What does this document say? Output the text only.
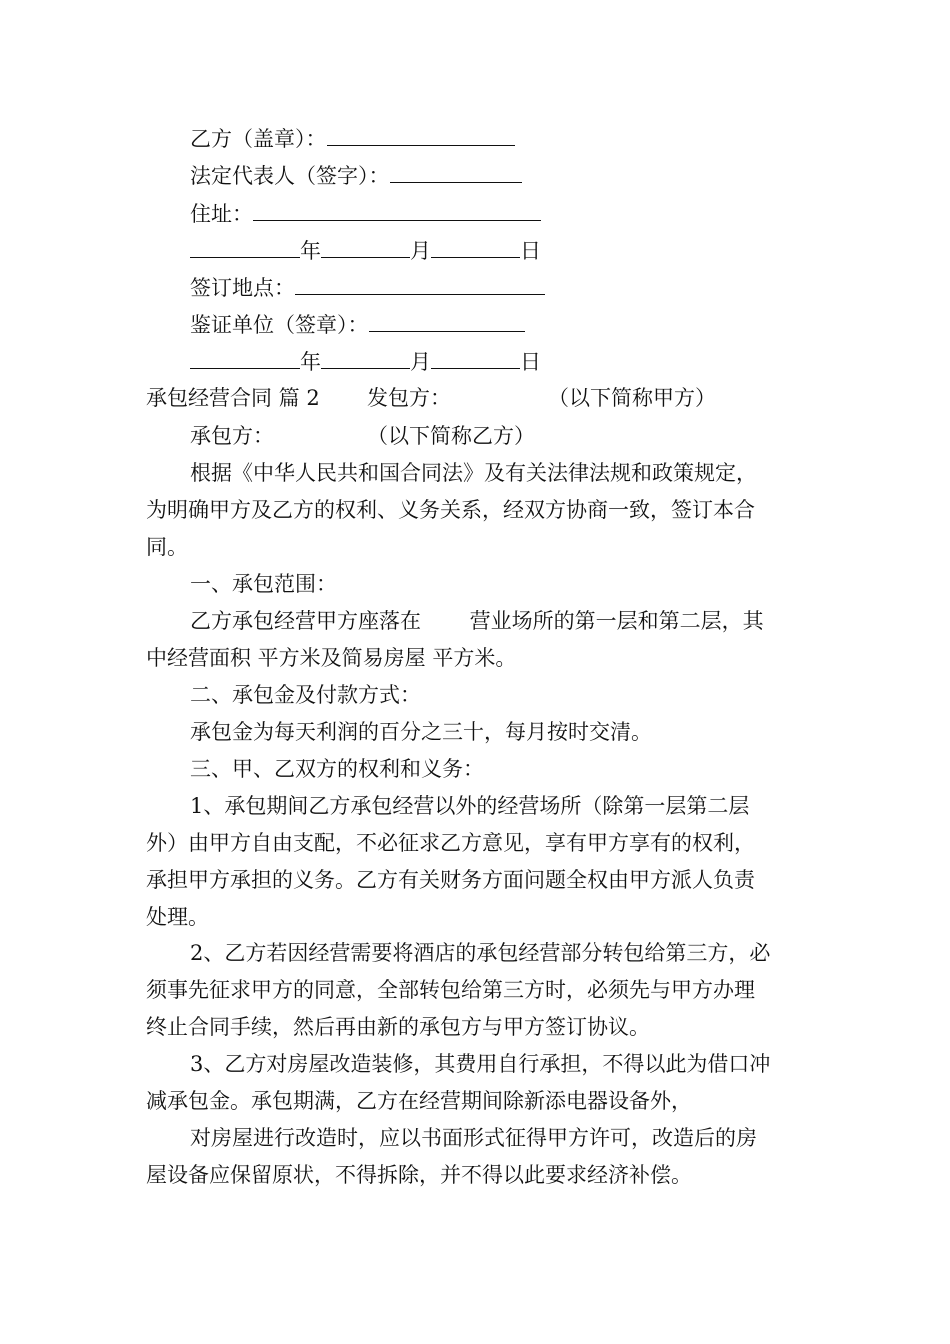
乙方（盖章）：
法定代表人（签字）：
住址：
年	月	日
签订地点：
鉴证单位（签章）：
年	月	日
承包经营合同 篇 2 发包方：	（以下简称甲方）
承包方：	（以下简称乙方）
根据《中华人民共和国合同法》及有关法律法规和政策规定，
为明确甲方及乙方的权利、义务关系，经双方协商一致，签订本合
同。
一、承包范围：
乙方承包经营甲方座落在　　 营业场所的第一层和第二层，其
中经营面积 平方米及简易房屋 平方米。
二、承包金及付款方式：
承包金为每天利润的百分之三十，每月按时交清。
三、甲、乙双方的权利和义务：
1、承包期间乙方承包经营以外的经营场所（除第一层第二层
外）由甲方自由支配，不必征求乙方意见，享有甲方享有的权利，
承担甲方承担的义务。乙方有关财务方面问题全权由甲方派人负责
处理。
2、乙方若因经营需要将酒店的承包经营部分转包给第三方，必
须事先征求甲方的同意，全部转包给第三方时，必须先与甲方办理
终止合同手续，然后再由新的承包方与甲方签订协议。
3、乙方对房屋改造装修，其费用自行承担，不得以此为借口冲
减承包金。承包期满，乙方在经营期间除新添电器设备外，
对房屋进行改造时，应以书面形式征得甲方许可，改造后的房
屋设备应保留原状，不得拆除，并不得以此要求经济补偿。
